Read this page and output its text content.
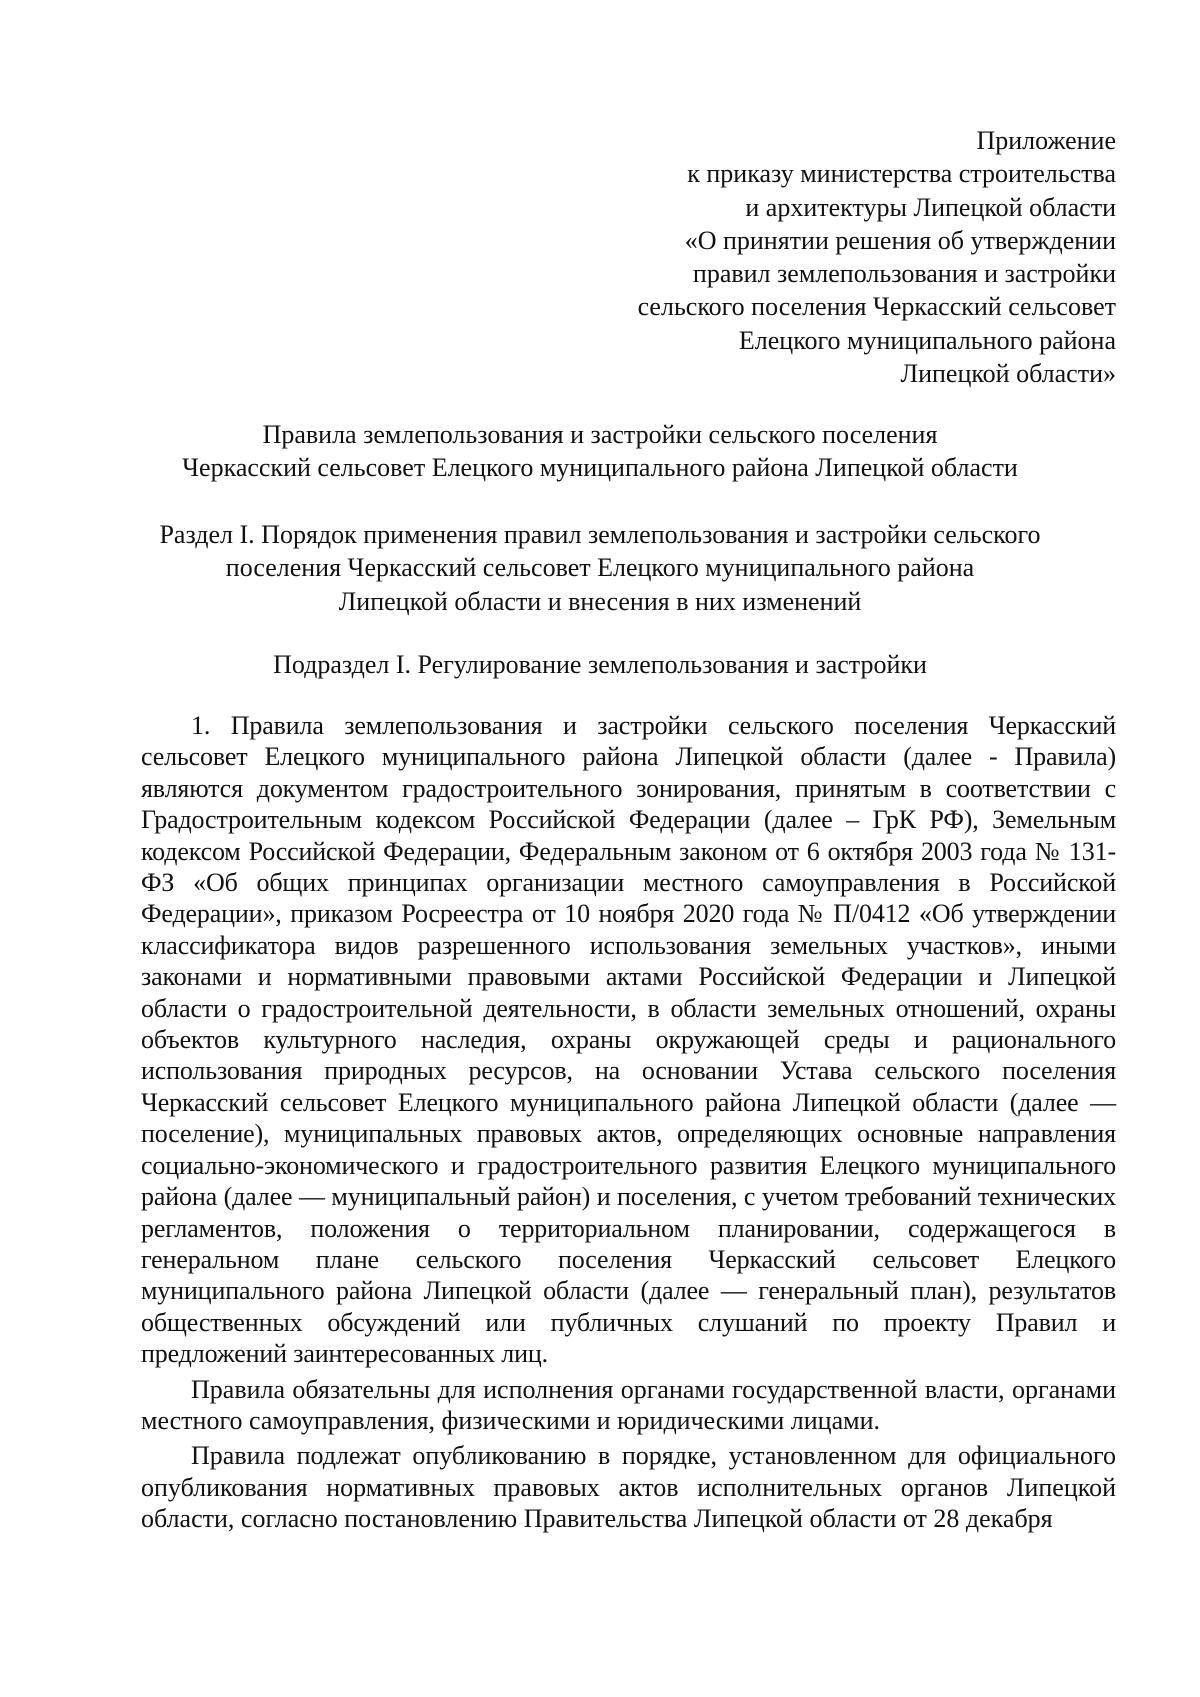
Приложение
к приказу министерства строительства
и архитектуры Липецкой области
«О принятии решения об утверждении
правил землепользования и застройки
сельского поселения Черкасский сельсовет
Елецкого муниципального района
Липецкой области»
Правила землепользования и застройки сельского поселения
Черкасский сельсовет Елецкого муниципального района Липецкой области
Раздел I. Порядок применения правил землепользования и застройки сельского
поселения Черкасский сельсовет Елецкого муниципального района
Липецкой области и внесения в них изменений
Подраздел I. Регулирование землепользования и застройки

1. Правила землепользования и застройки сельского поселения Черкасский сельсовет Елецкого муниципального района Липецкой области (далее - Правила) являются документом градостроительного зонирования, принятым в соответствии с Градостроительным кодексом Российской Федерации (далее – ГрК РФ), Земельным кодексом Российской Федерации, Федеральным законом от 6 октября 2003 года № 131-ФЗ «Об общих принципах организации местного самоуправления в Российской Федерации», приказом Росреестра от 10 ноября 2020 года № П/0412 «Об утверждении классификатора видов разрешенного использования земельных участков», иными законами и нормативными правовыми актами Российской Федерации и Липецкой области о градостроительной деятельности, в области земельных отношений, охраны объектов культурного наследия, охраны окружающей среды и рационального использования природных ресурсов, на основании Устава сельского поселения Черкасский сельсовет Елецкого муниципального района Липецкой области (далее — поселение), муниципальных правовых актов, определяющих основные направления социально-экономического и градостроительного развития Елецкого муниципального района (далее — муниципальный район) и поселения, с учетом требований технических регламентов, положения о территориальном планировании, содержащегося в генеральном плане сельского поселения Черкасский сельсовет Елецкого муниципального района Липецкой области (далее — генеральный план), результатов общественных обсуждений или публичных слушаний по проекту Правил и предложений заинтересованных лиц.

Правила обязательны для исполнения органами государственной власти, органами местного самоуправления, физическими и юридическими лицами.

Правила подлежат опубликованию в порядке, установленном для официального опубликования нормативных правовых актов исполнительных органов Липецкой области, согласно постановлению Правительства Липецкой области от 28 декабря
